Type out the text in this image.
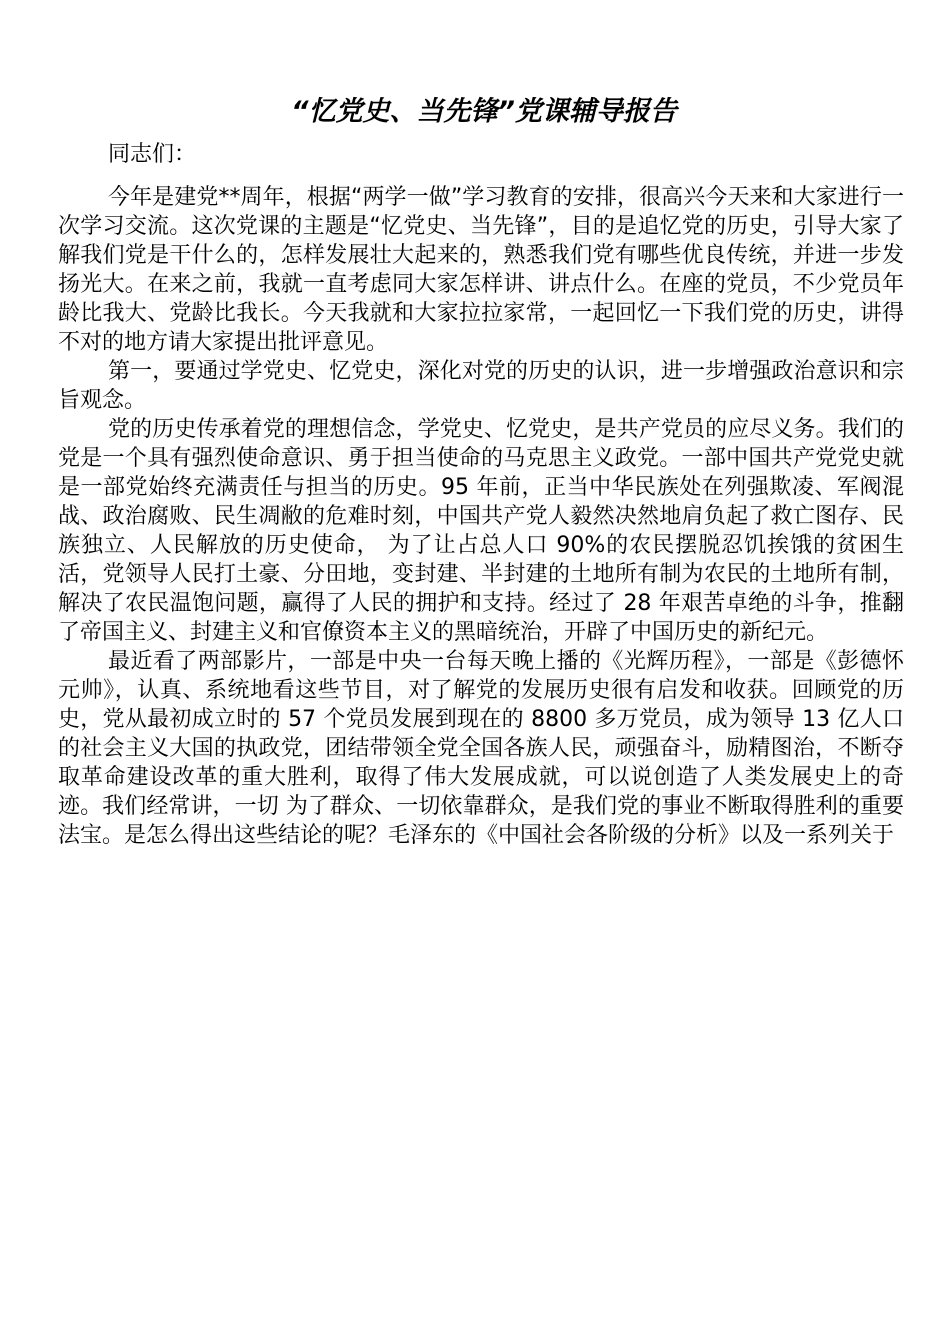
“忆党史、当先锋”党课辅导报告

同志们：

今年是建党**周年，根据“两学一做”学习教育的安排，很高兴今天来和大家进行一次学习交流。这次党课的主题是“忆党史、当先锋”，目的是追忆党的历史，引导大家了解我们党是干什么的，怎样发展壮大起来的，熟悉我们党有哪些优良传统，并进一步发扬光大。在来之前，我就一直考虑同大家怎样讲、讲点什么。在座的党员，不少党员年龄比我大、党龄比我长。今天我就和大家拉拉家常，一起回忆一下我们党的历史，讲得不对的地方请大家提出批评意见。

第一，要通过学党史、忆党史，深化对党的历史的认识，进一步增强政治意识和宗旨观念。

党的历史传承着党的理想信念，学党史、忆党史，是共产党员的应尽义务。我们的党是一个具有强烈使命意识、勇于担当使命的马克思主义政党。一部中国共产党党史就是一部党始终充满责任与担当的历史。95 年前，正当中华民族处在列强欺凌、军阀混战、政治腐败、民生凋敝的危难时刻，中国共产党人毅然决然地肩负起了救亡图存、民族独立、人民解放的历史使命， 为了让占总人口 90%的农民摆脱忍饥挨饿的贫困生活，党领导人民打土豪、分田地，变封建、半封建的土地所有制为农民的土地所有制，解决了农民温饱问题，赢得了人民的拥护和支持。经过了 28 年艰苦卓绝的斗争，推翻了帝国主义、封建主义和官僚资本主义的黑暗统治，开辟了中国历史的新纪元。

最近看了两部影片，一部是中央一台每天晚上播的《光辉历程》，一部是《彭德怀元帅》，认真、系统地看这些节目，对了解党的发展历史很有启发和收获。回顾党的历史，党从最初成立时的 57 个党员发展到现在的 8800 多万党员，成为领导 13 亿人口的社会主义大国的执政党，团结带领全党全国各族人民，顽强奋斗，励精图治，不断夺取革命建设改革的重大胜利，取得了伟大发展成就，可以说创造了人类发展史上的奇迹。我们经常讲，一切 为了群众、一切依靠群众，是我们党的事业不断取得胜利的重要法宝。是怎么得出这些结论的呢？毛泽东的《中国社会各阶级的分析》以及一系列关于
